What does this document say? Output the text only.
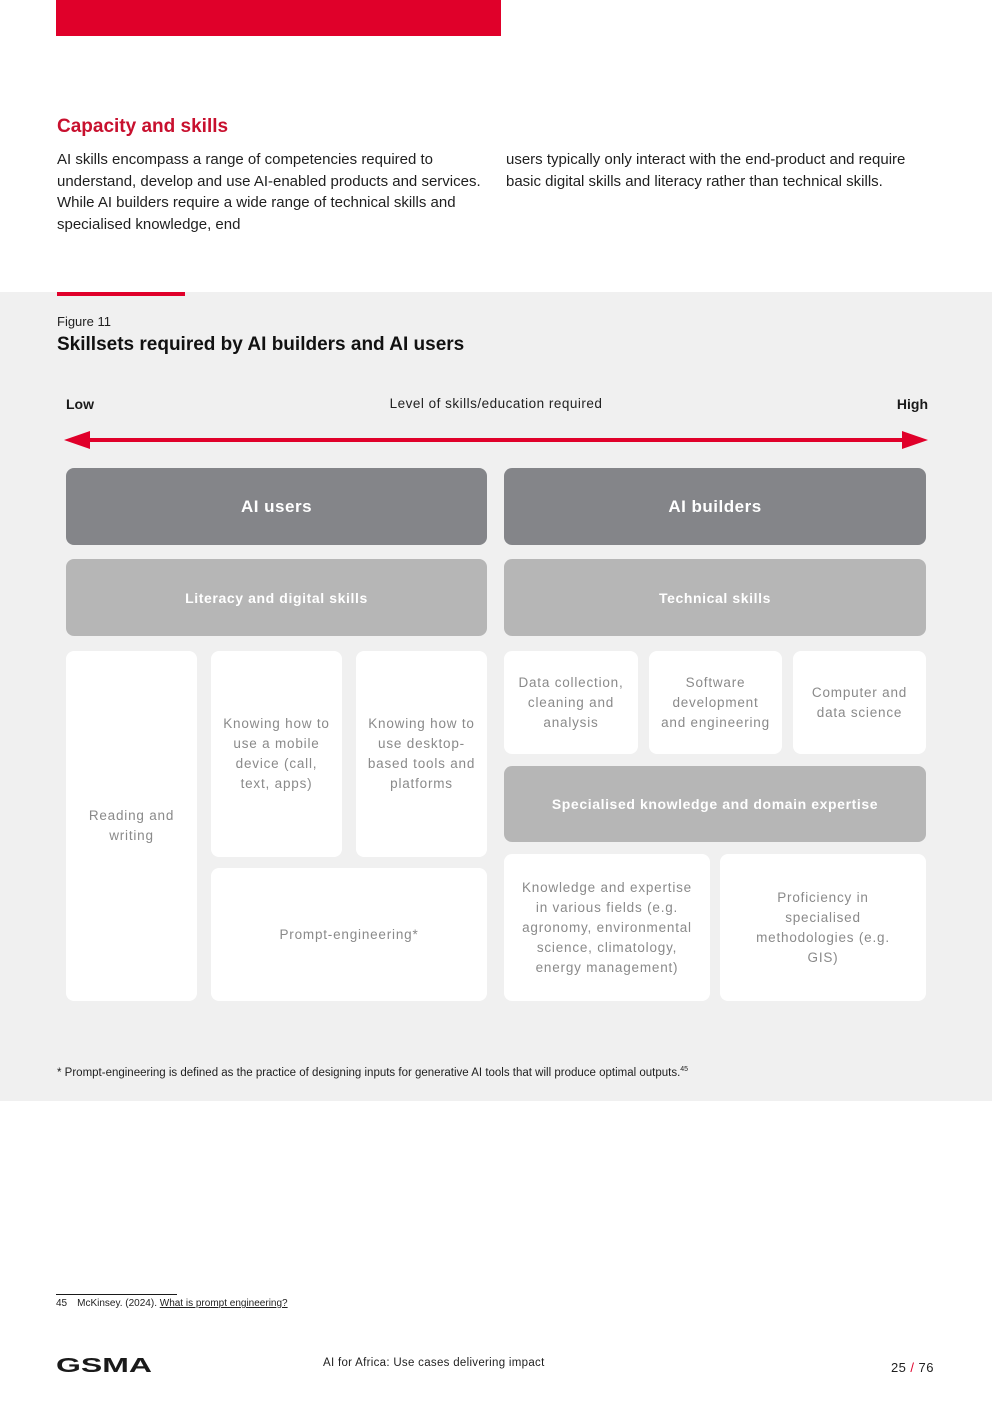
Capacity and skills

AI skills encompass a range of competencies required to understand, develop and use AI-enabled products and services. While AI builders require a wide range of technical skills and specialised knowledge, end

users typically only interact with the end-product and require basic digital skills and literacy rather than technical skills.

Figure 11
Skillsets required by AI builders and AI users
Level of skills/education required
Low	High
AI users
Literacy and digital skills
Reading and writing
Knowing how to use a mobile device (call, text, apps)
Knowing how to use desktop-based tools and platforms
Prompt-engineering*
AI builders
Technical skills
Data collection, cleaning and analysis
Software development and engineering
Computer and data science
Specialised knowledge and domain expertise
Knowledge and expertise in various fields (e.g. agronomy, environmental science, climatology, energy management)
Proficiency in specialised methodologies (e.g. GIS)

* Prompt-engineering is defined as the practice of designing inputs for generative AI tools that will produce optimal outputs.$^{45}$

45 McKinsey. (2024). What is prompt engineering?

GSMA	AI for Africa: Use cases delivering impact	25 / 76
